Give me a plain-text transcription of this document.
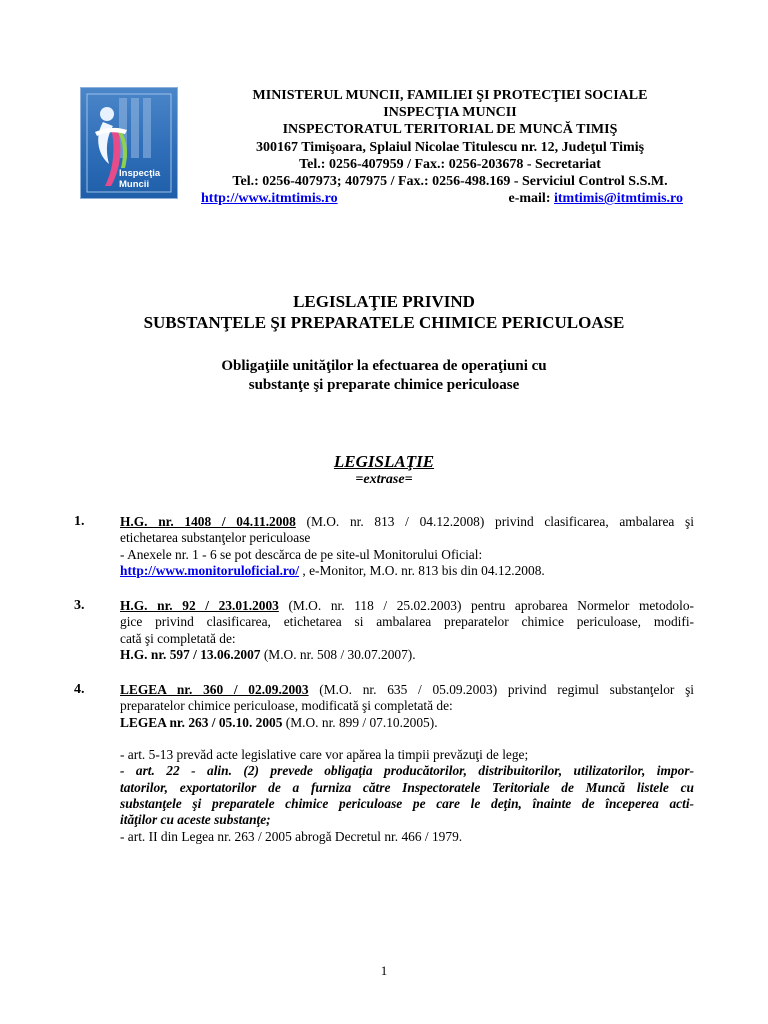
Inspecţia Muncii
MINISTERUL MUNCII, FAMILIEI ŞI PROTECŢIEI SOCIALE
INSPECŢIA MUNCII
INSPECTORATUL TERITORIAL DE MUNCĂ TIMIŞ
300167 Timişoara, Splaiul Nicolae Titulescu nr. 12, Judeţul Timiş
Tel.: 0256-407959 / Fax.: 0256-203678 - Secretariat
Tel.: 0256-407973; 407975 / Fax.: 0256-498.169 - Serviciul Control S.S.M.
http://www.itmtimis.ro	e-mail: itmtimis@itmtimis.ro
LEGISLAŢIE PRIVIND
SUBSTANŢELE ŞI PREPARATELE CHIMICE PERICULOASE
Obligaţiile unităţilor la efectuarea de operaţiuni cu
substanţe şi preparate chimice periculoase
LEGISLAŢIE
=extrase=
1.	H.G. nr. 1408 / 04.11.2008 (M.O. nr. 813 / 04.12.2008) privind clasificarea, ambalarea şi
etichetarea substanţelor periculoase
- Anexele nr. 1 - 6 se pot descărca de pe site-ul Monitorului Oficial:
http://www.monitoruloficial.ro/ , e-Monitor, M.O. nr. 813 bis din 04.12.2008.
3.	H.G. nr. 92 / 23.01.2003 (M.O. nr. 118 / 25.02.2003) pentru aprobarea Normelor metodolo-
gice privind clasificarea, etichetarea si ambalarea preparatelor chimice periculoase, modifi-
cată şi completată de:
H.G. nr. 597 / 13.06.2007 (M.O. nr. 508 / 30.07.2007).
4.	LEGEA nr. 360 / 02.09.2003 (M.O. nr. 635 / 05.09.2003) privind regimul substanţelor şi
preparatelor chimice periculoase, modificată şi completată de:
LEGEA nr. 263 / 05.10. 2005 (M.O. nr. 899 / 07.10.2005).
- art. 5-13 prevăd acte legislative care vor apărea la timpii prevăzuţi de lege;
- art. 22 - alin. (2) prevede obligaţia producătorilor, distribuitorilor, utilizatorilor, impor-
tatorilor, exportatorilor de a furniza către Inspectoratele Teritoriale de Muncă listele cu
substanţele şi preparatele chimice periculoase pe care le deţin, înainte de începerea acti-
ităţilor cu aceste substanţe;
- art. II din Legea nr. 263 / 2005 abrogă Decretul nr. 466 / 1979.
1
